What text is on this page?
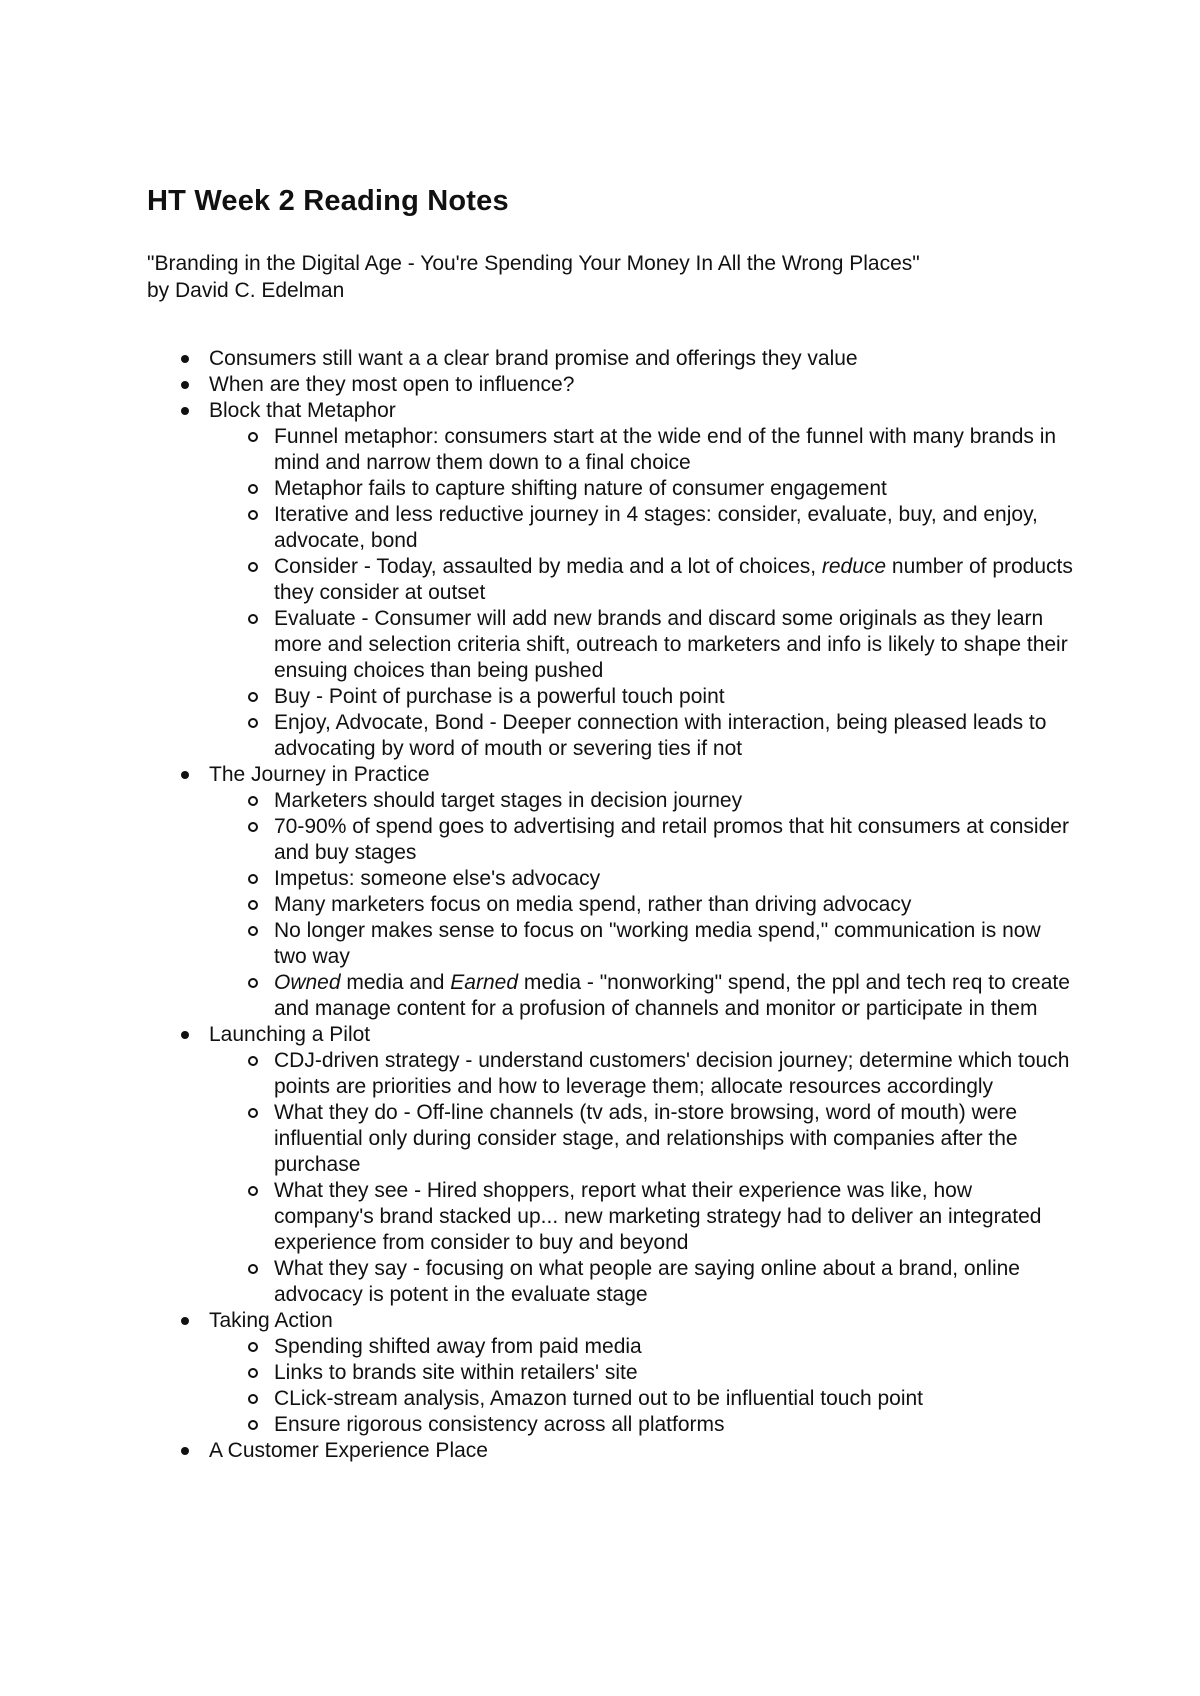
HT Week 2 Reading Notes
"Branding in the Digital Age - You're Spending Your Money In All the Wrong Places"
by David C. Edelman
Consumers still want a a clear brand promise and offerings they value
When are they most open to influence?
Block that Metaphor
Funnel metaphor: consumers start at the wide end of the funnel with many brands in mind and narrow them down to a final choice
Metaphor fails to capture shifting nature of consumer engagement
Iterative and less reductive journey in 4 stages: consider, evaluate, buy, and enjoy, advocate, bond
Consider - Today, assaulted by media and a lot of choices, reduce number of products they consider at outset
Evaluate - Consumer will add new brands and discard some originals as they learn more and selection criteria shift, outreach to marketers and info is likely to shape their ensuing choices than being pushed
Buy - Point of purchase is a powerful touch point
Enjoy, Advocate, Bond - Deeper connection with interaction, being pleased leads to advocating by word of mouth or severing ties if not
The Journey in Practice
Marketers should target stages in decision journey
70-90% of spend goes to advertising and retail promos that hit consumers at consider and buy stages
Impetus: someone else's advocacy
Many marketers focus on media spend, rather than driving advocacy
No longer makes sense to focus on "working media spend," communication is now two way
Owned media and Earned media - "nonworking" spend, the ppl and tech req to create and manage content for a profusion of channels and monitor or participate in them
Launching a Pilot
CDJ-driven strategy - understand customers' decision journey; determine which touch points are priorities and how to leverage them; allocate resources accordingly
What they do - Off-line channels (tv ads, in-store browsing, word of mouth) were influential only during consider stage, and relationships with companies after the purchase
What they see - Hired shoppers, report what their experience was like, how company's brand stacked up... new marketing strategy had to deliver an integrated experience from consider to buy and beyond
What they say - focusing on what people are saying online about a brand, online advocacy is potent in the evaluate stage
Taking Action
Spending shifted away from paid media
Links to brands site within retailers' site
CLick-stream analysis, Amazon turned out to be influential touch point
Ensure rigorous consistency across all platforms
A Customer Experience Place
